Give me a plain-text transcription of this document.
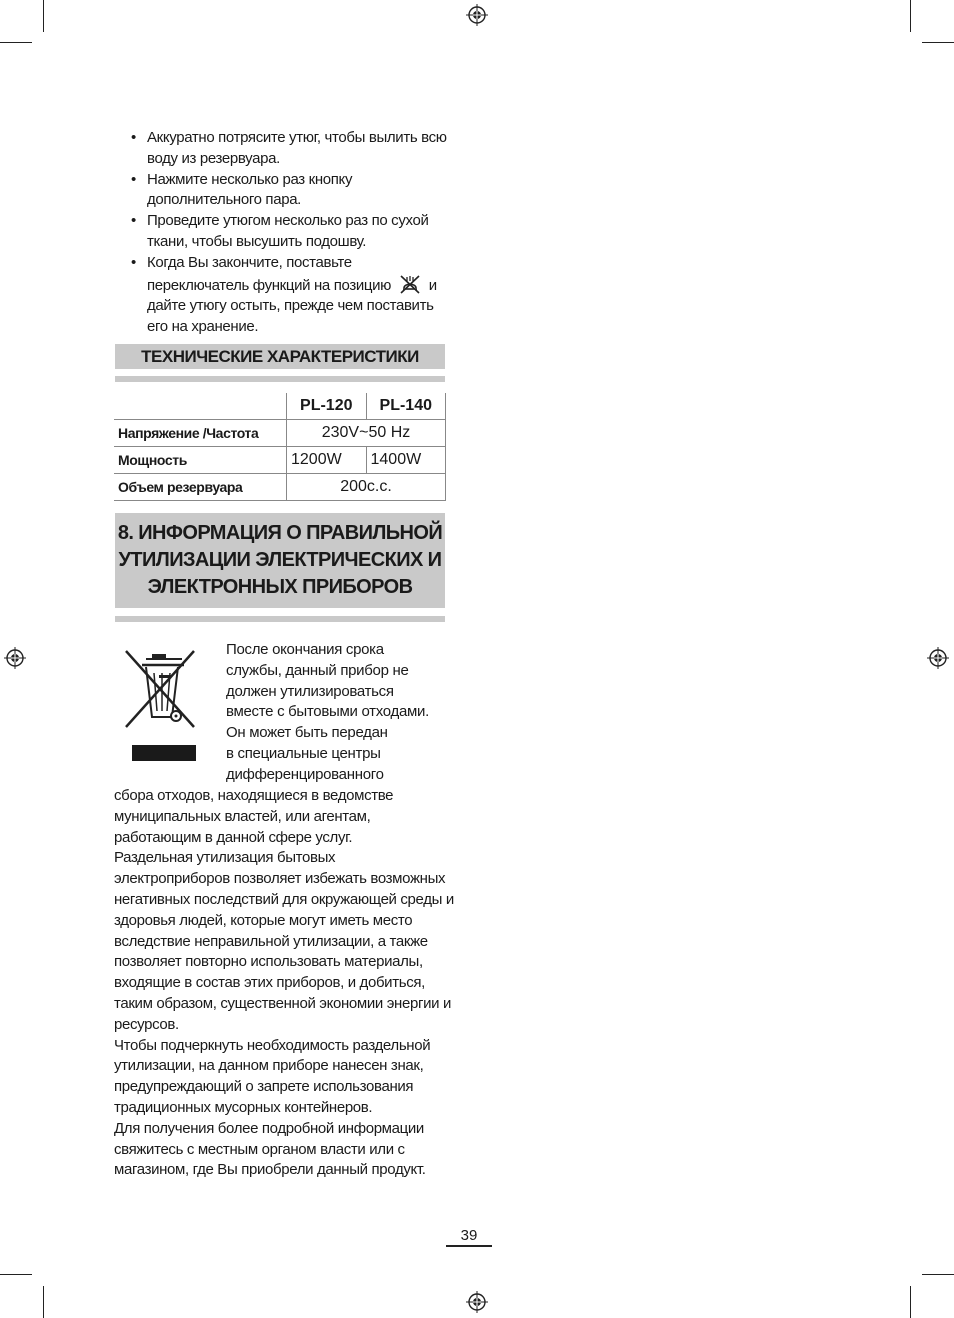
• Аккуратно потрясите утюг, чтобы вылить всю воду из резервуара.
• Нажмите несколько раз кнопку дополнительного пара.
• Проведите утюгом несколько раз по сухой ткани, чтобы высушить подошву.
• Когда Вы закончите, поставьте переключатель функций на позицию	и дайте утюгу остыть, прежде чем поставить его на хранение.
ТЕХНИЧЕСКИЕ ХАРАКТЕРИСТИКИ
	PL-120	PL-140
Напряжение /Частота	230V~50 Hz	
Мощность	1200W	1400W
Объем резервуара	200c.c.	
8. ИНФОРМАЦИЯ О ПРАВИЛЬНОЙ
УТИЛИЗАЦИИ ЭЛЕКТРИЧЕСКИХ И
ЭЛЕКТРОННЫХ ПРИБОРОВ
После окончания срока
службы, данный прибор не
должен утилизироваться
вместе с бытовыми отходами.
Он может быть передан
в специальные центры
дифференцированного

сбора отходов, находящиеся в ведомстве муниципальных властей, или агентам, работающим в данной сфере услуг.

Раздельная утилизация бытовых электроприборов позволяет избежать возможных негативных последствий для окружающей среды и здоровья людей, которые могут иметь место вследствие неправильной утилизации, а также позволяет повторно использовать материалы, входящие в состав этих приборов, и добиться, таким образом, существенной экономии энергии и ресурсов.

Чтобы подчеркнуть необходимость раздельной утилизации, на данном приборе нанесен знак, предупреждающий о запрете использования традиционных мусорных контейнеров.

Для получения более подробной информации свяжитесь с местным органом власти или с магазином, где Вы приобрели данный продукт.

39
